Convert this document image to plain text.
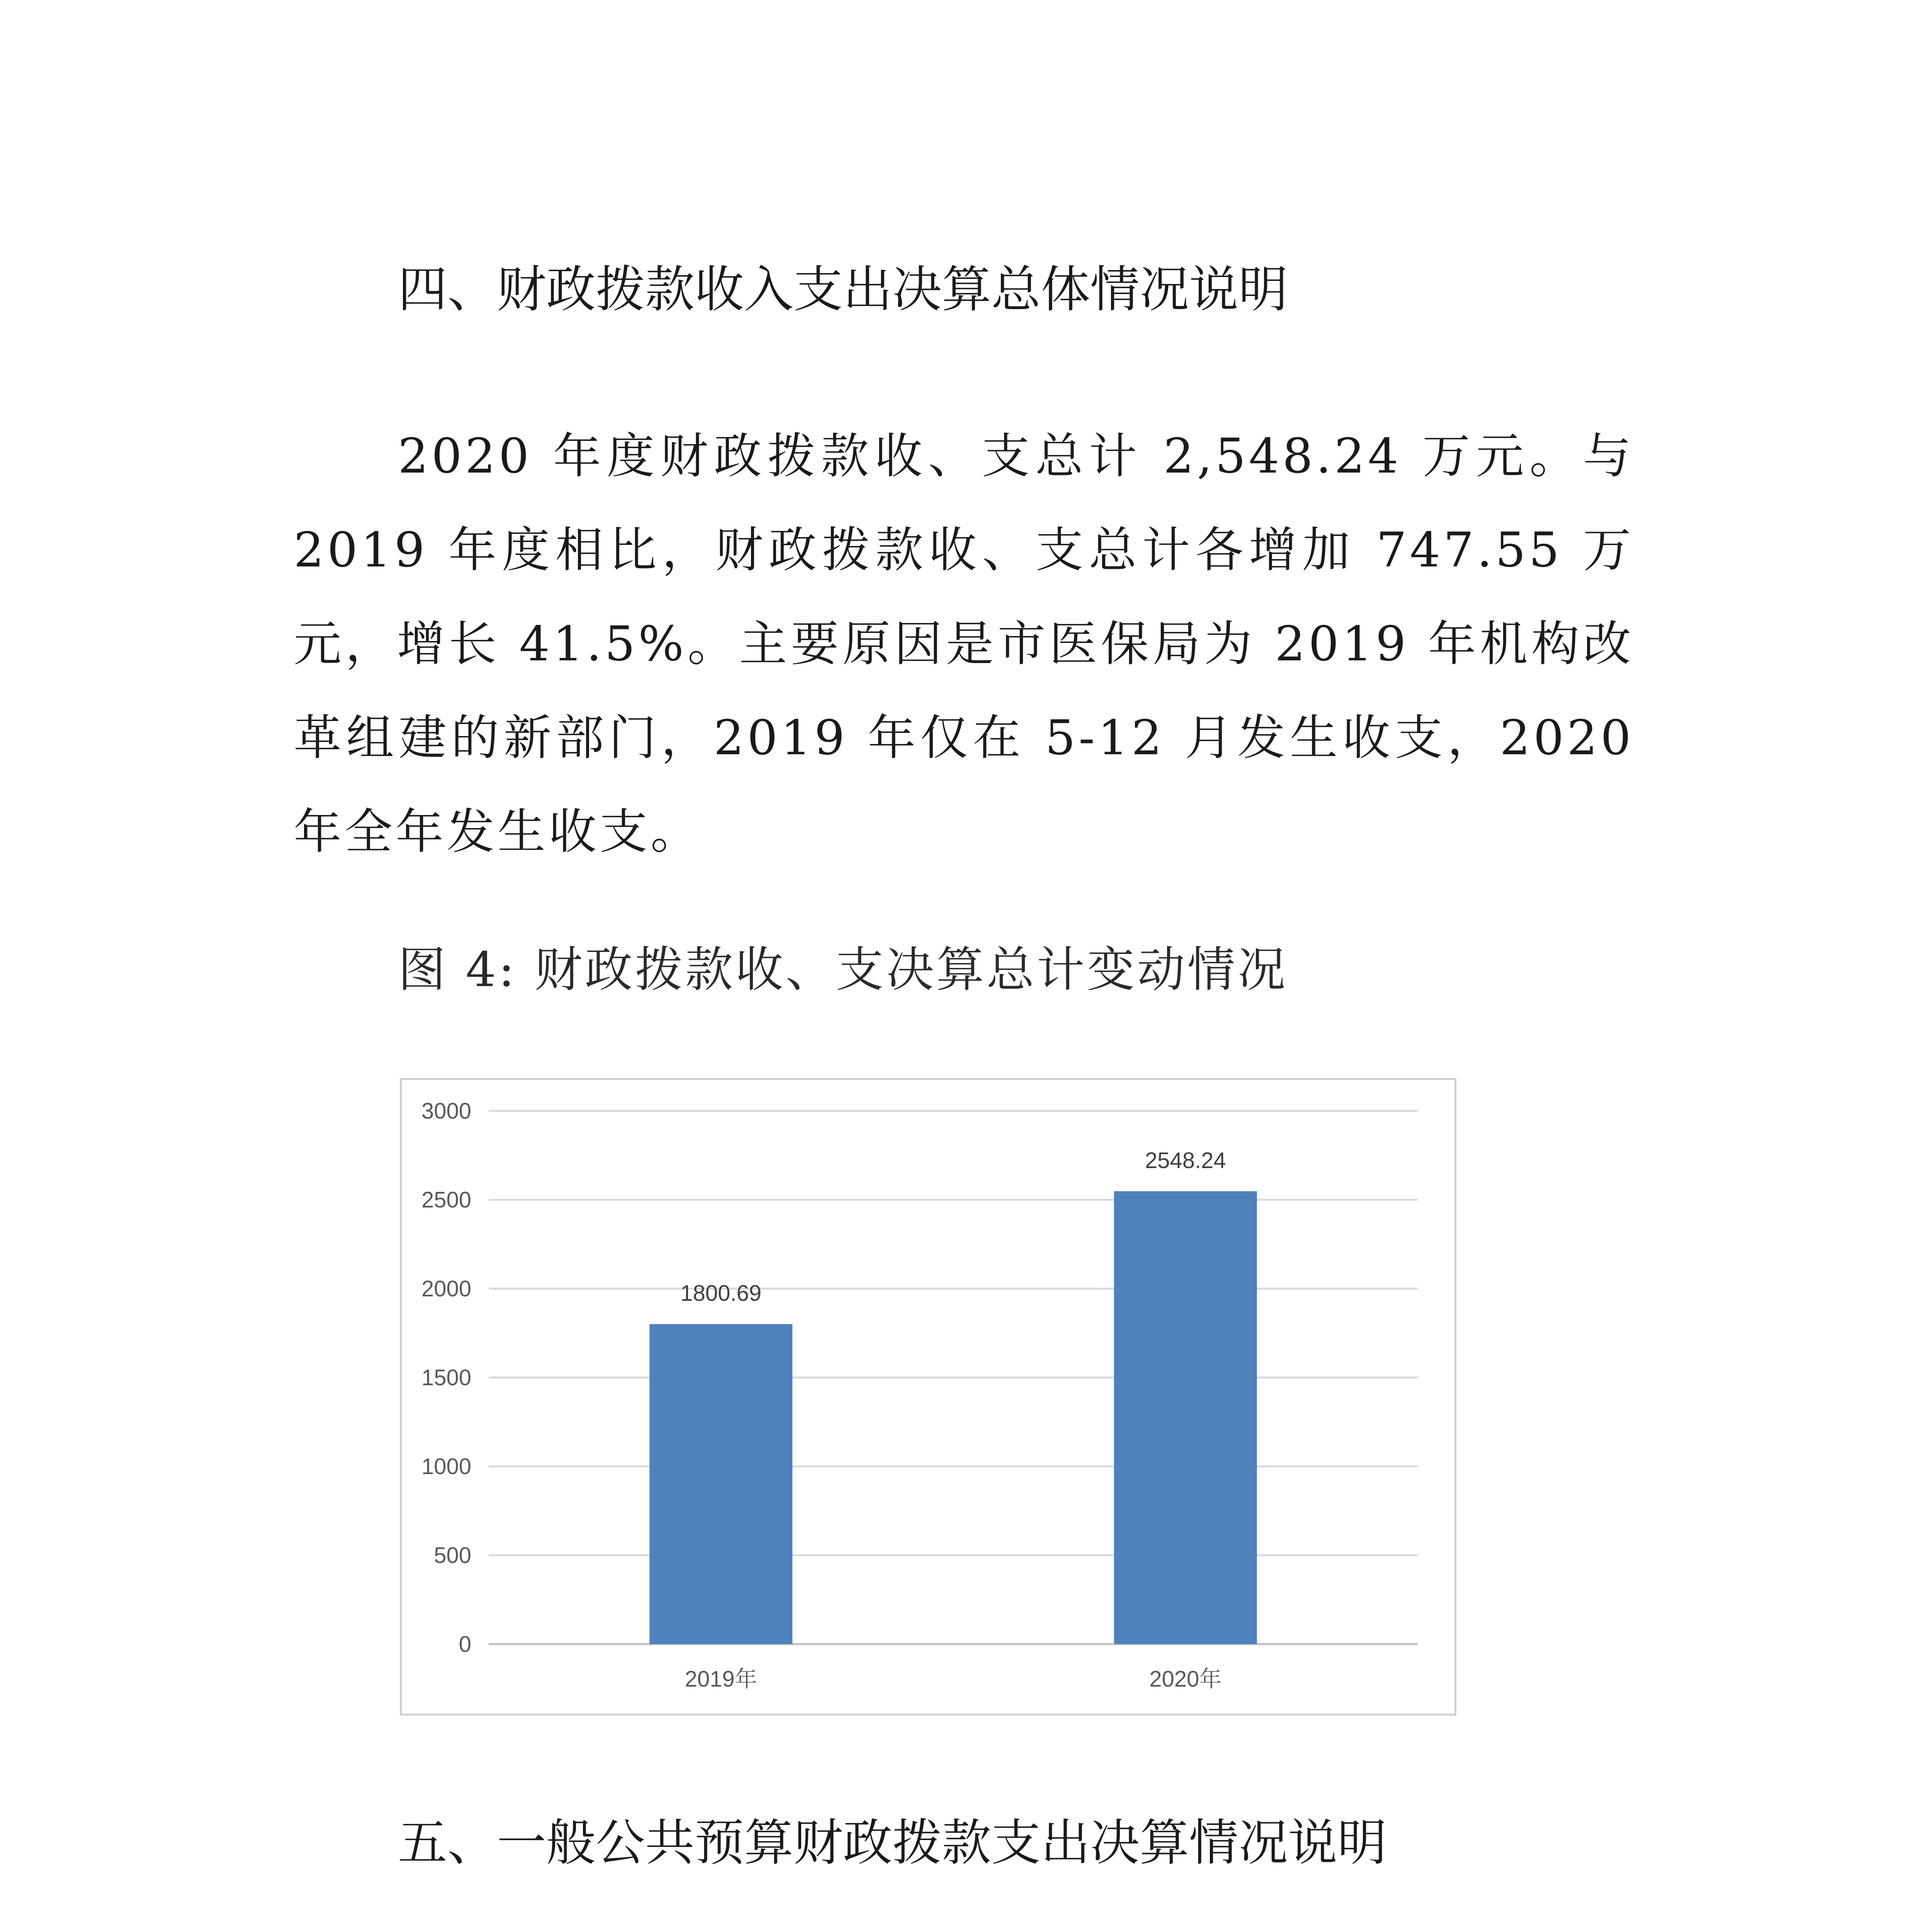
四、财政拨款收入支出决算总体情况说明
2020 年度财政拨款收、支总计 2,548.24 万元。与 2019 年度相比，财政拨款收、支总计各增加 747.55 万元，增长 41.5%。主要原因是市医保局为 2019 年机构改革组建的新部门，2019 年仅在 5-12 月发生收支，2020 年全年发生收支。
图 4: 财政拨款收、支决算总计变动情况
0
500
1000
1500
2000
2500
3000
1800.69
2019年
2548.24
2020年
五、一般公共预算财政拨款支出决算情况说明
